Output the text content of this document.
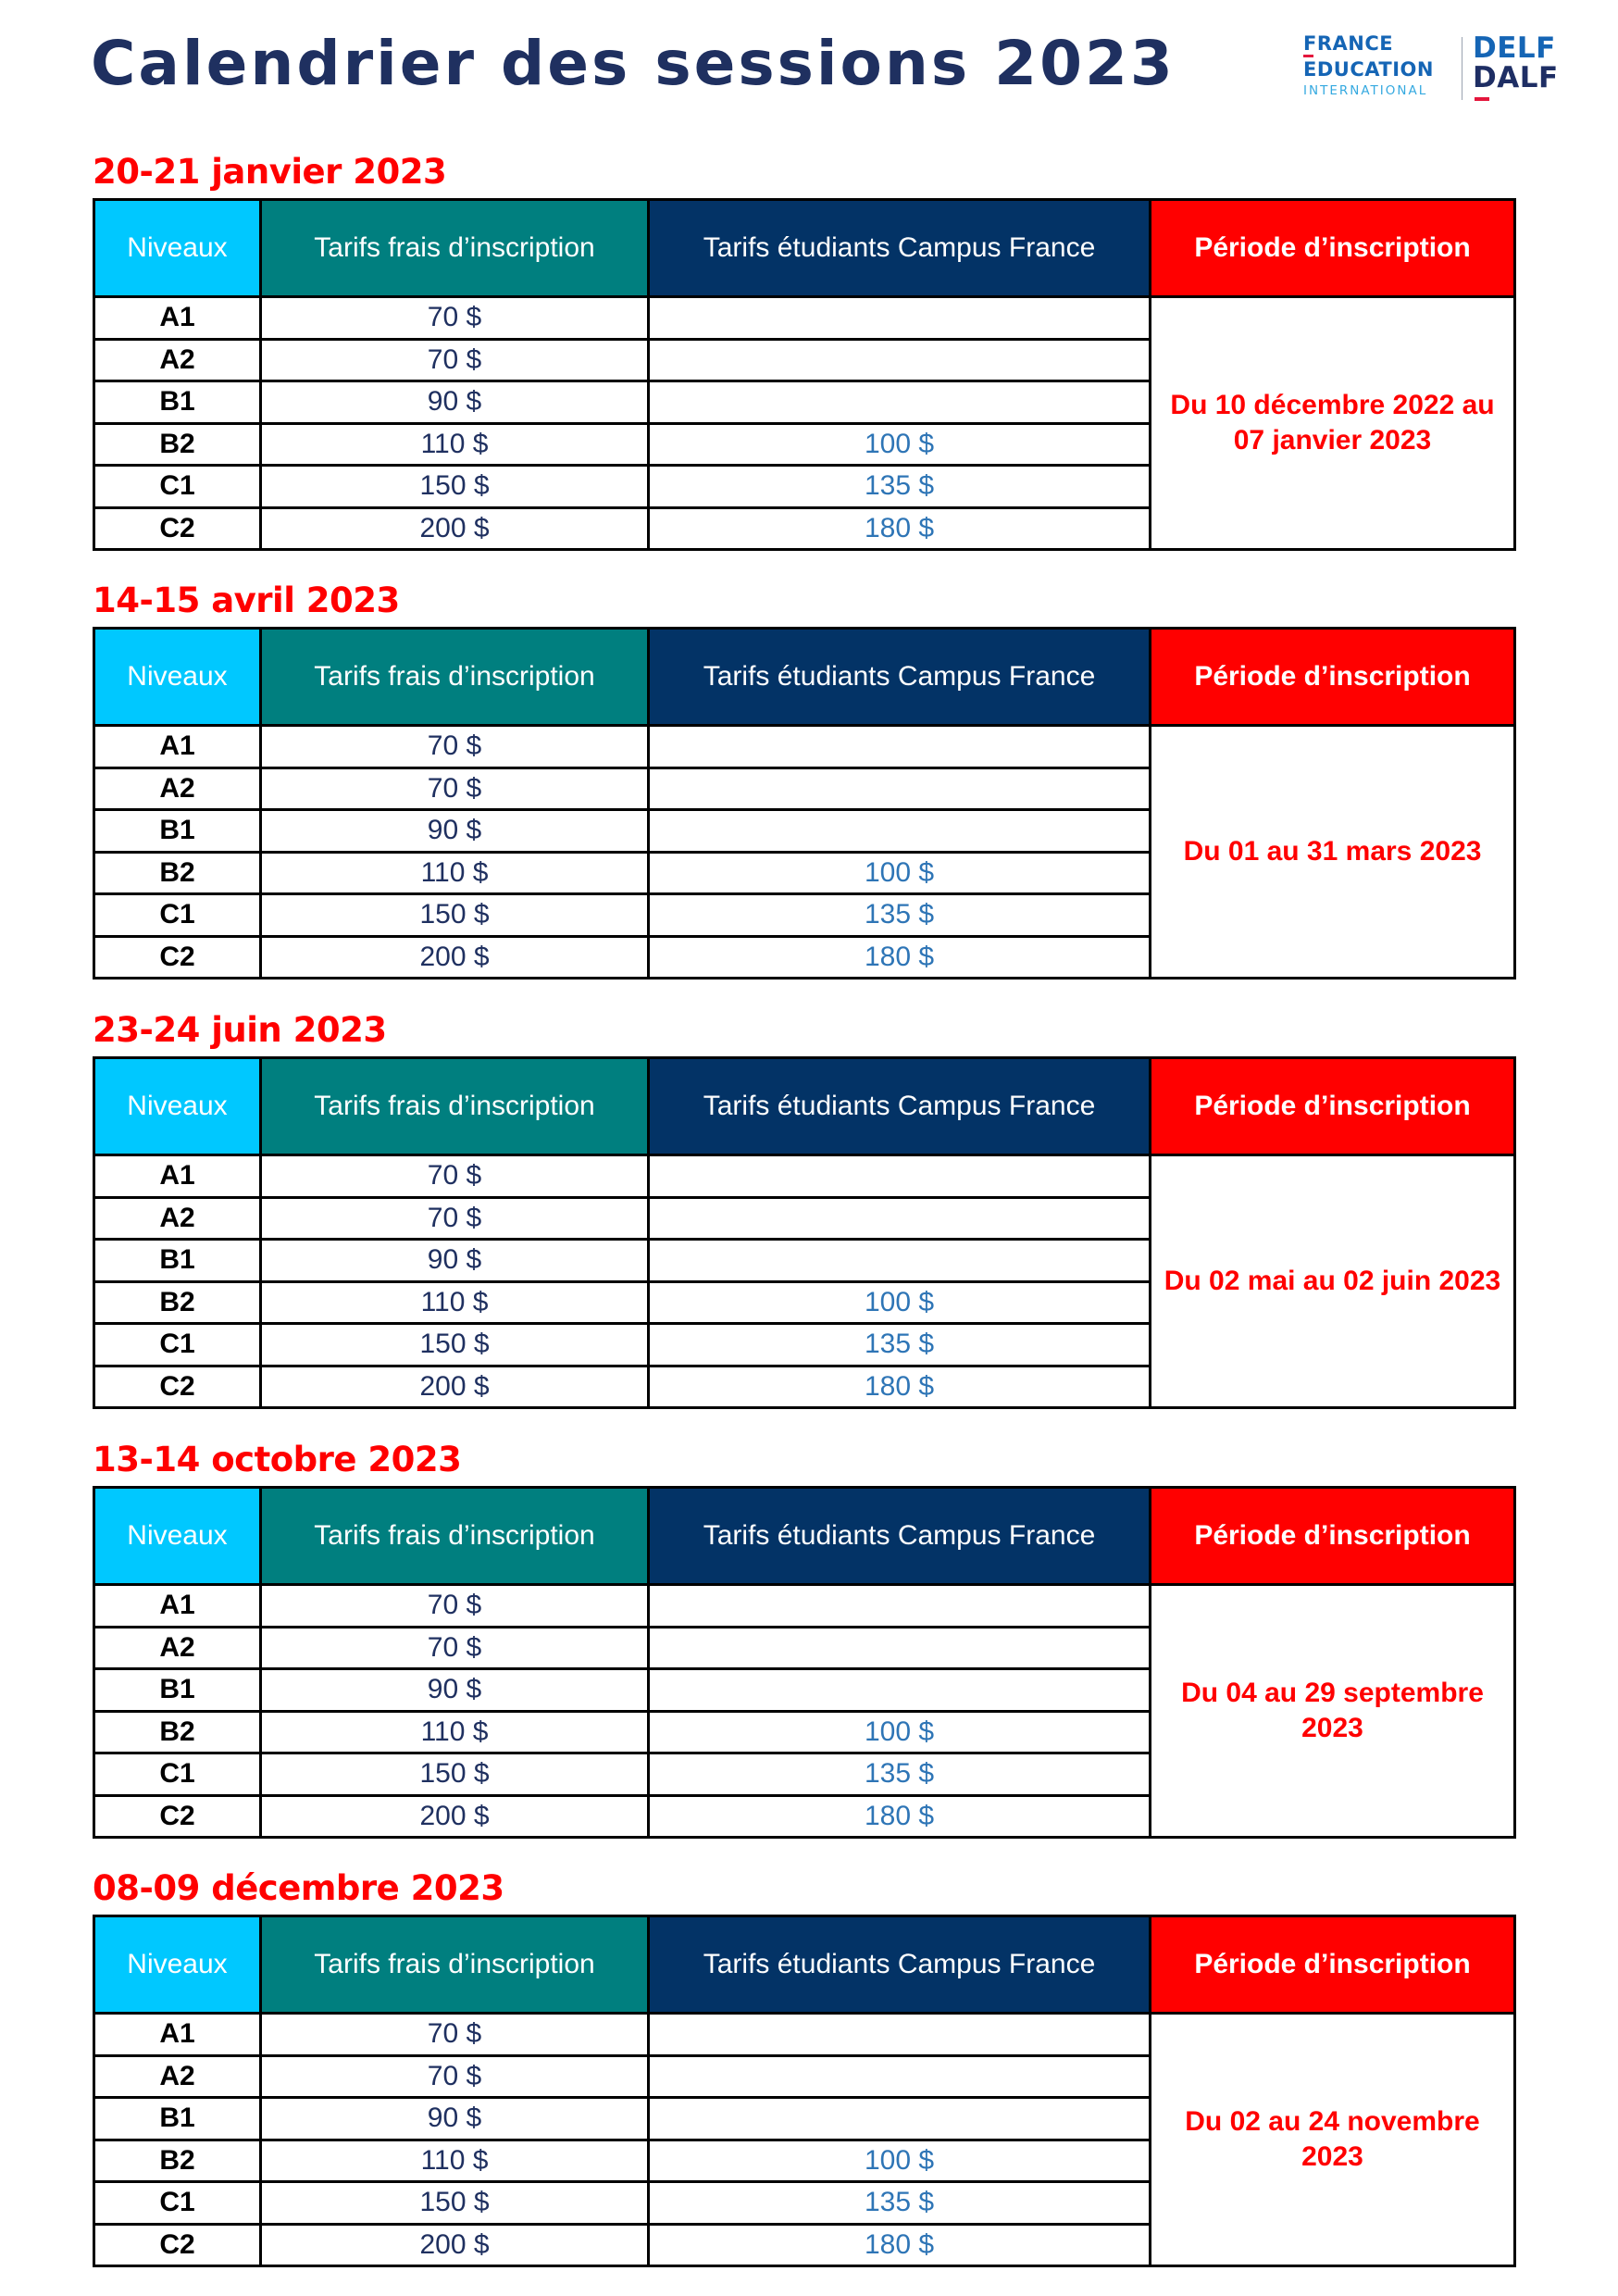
Calendrier des sessions 2023	FRANCE
EDUCATION
INTERNATIONAL
DELF
DALF
20-21 janvier 2023
Niveaux	Tarifs frais d’inscription	Tarifs étudiants Campus France	Période d’inscription
A1	70 $		Du 10 décembre 2022 au 07 janvier 2023
A2	70 $		
B1	90 $		
B2	110 $	100 $	
C1	150 $	135 $	
C2	200 $	180 $	
14-15 avril 2023
Niveaux	Tarifs frais d’inscription	Tarifs étudiants Campus France	Période d’inscription
A1	70 $		Du 01 au 31 mars 2023
A2	70 $		
B1	90 $		
B2	110 $	100 $	
C1	150 $	135 $	
C2	200 $	180 $	
23-24 juin 2023
Niveaux	Tarifs frais d’inscription	Tarifs étudiants Campus France	Période d’inscription
A1	70 $		Du 02 mai au 02 juin 2023
A2	70 $		
B1	90 $		
B2	110 $	100 $	
C1	150 $	135 $	
C2	200 $	180 $	
13-14 octobre 2023
Niveaux	Tarifs frais d’inscription	Tarifs étudiants Campus France	Période d’inscription
A1	70 $		Du 04 au 29 septembre 2023
A2	70 $		
B1	90 $		
B2	110 $	100 $	
C1	150 $	135 $	
C2	200 $	180 $	
08-09 décembre 2023
Niveaux	Tarifs frais d’inscription	Tarifs étudiants Campus France	Période d’inscription
A1	70 $		Du 02 au 24 novembre 2023
A2	70 $		
B1	90 $		
B2	110 $	100 $	
C1	150 $	135 $	
C2	200 $	180 $	
